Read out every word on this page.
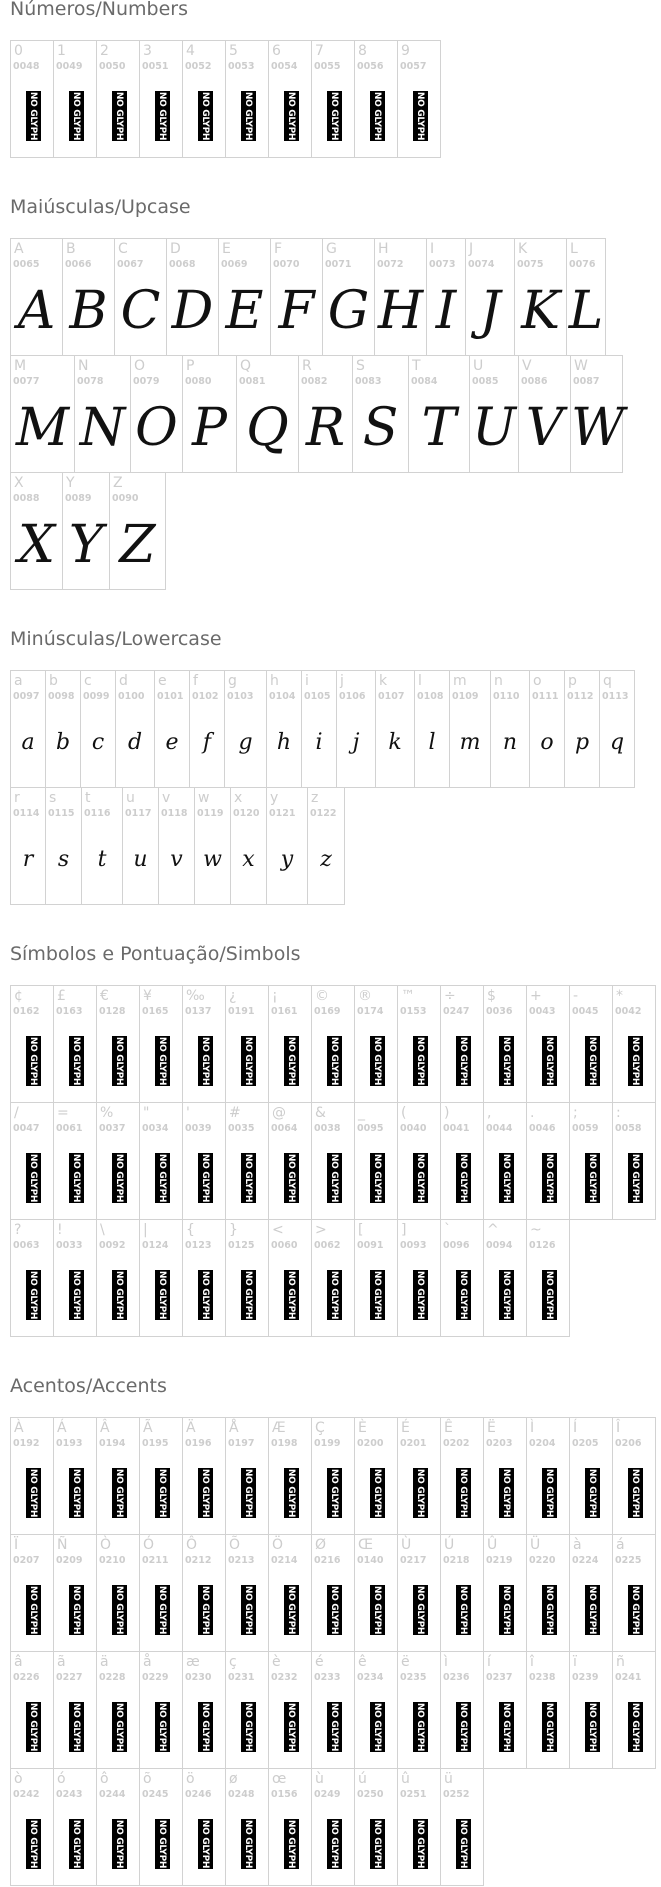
Números/Numbers
0
0048
NO GLYPH
1
0049
NO GLYPH
2
0050
NO GLYPH
3
0051
NO GLYPH
4
0052
NO GLYPH
5
0053
NO GLYPH
6
0054
NO GLYPH
7
0055
NO GLYPH
8
0056
NO GLYPH
9
0057
NO GLYPH
Maiúsculas/Upcase
A
0065
A
B
0066
B
C
0067
C
D
0068
D
E
0069
E
F
0070
F
G
0071
G
H
0072
H
I
0073
I
J
0074
J
K
0075
K
L
0076
L
M
0077
M
N
0078
N
O
0079
O
P
0080
P
Q
0081
Q
R
0082
R
S
0083
S
T
0084
T
U
0085
U
V
0086
V
W
0087
W
X
0088
X
Y
0089
Y
Z
0090
Z
Minúsculas/Lowercase
a
0097
a
b
0098
b
c
0099
c
d
0100
d
e
0101
e
f
0102
f
g
0103
g
h
0104
h
i
0105
i
j
0106
j
k
0107
k
l
0108
l
m
0109
m
n
0110
n
o
0111
o
p
0112
p
q
0113
q
r
0114
r
s
0115
s
t
0116
t
u
0117
u
v
0118
v
w
0119
w
x
0120
x
y
0121
y
z
0122
z
Símbolos e Pontuação/Simbols
¢
0162
NO GLYPH
£
0163
NO GLYPH
€
0128
NO GLYPH
¥
0165
NO GLYPH
‰
0137
NO GLYPH
¿
0191
NO GLYPH
¡
0161
NO GLYPH
©
0169
NO GLYPH
®
0174
NO GLYPH
™
0153
NO GLYPH
÷
0247
NO GLYPH
$
0036
NO GLYPH
+
0043
NO GLYPH
-
0045
NO GLYPH
*
0042
NO GLYPH
/
0047
NO GLYPH
=
0061
NO GLYPH
%
0037
NO GLYPH
"
0034
NO GLYPH
'
0039
NO GLYPH
#
0035
NO GLYPH
@
0064
NO GLYPH
&
0038
NO GLYPH
_
0095
NO GLYPH
(
0040
NO GLYPH
)
0041
NO GLYPH
,
0044
NO GLYPH
.
0046
NO GLYPH
;
0059
NO GLYPH
:
0058
NO GLYPH
?
0063
NO GLYPH
!
0033
NO GLYPH
\
0092
NO GLYPH
|
0124
NO GLYPH
{
0123
NO GLYPH
}
0125
NO GLYPH
<
0060
NO GLYPH
>
0062
NO GLYPH
[
0091
NO GLYPH
]
0093
NO GLYPH
`
0096
NO GLYPH
^
0094
NO GLYPH
~
0126
NO GLYPH
Acentos/Accents
À
0192
NO GLYPH
Á
0193
NO GLYPH
Â
0194
NO GLYPH
Ã
0195
NO GLYPH
Ä
0196
NO GLYPH
Å
0197
NO GLYPH
Æ
0198
NO GLYPH
Ç
0199
NO GLYPH
È
0200
NO GLYPH
É
0201
NO GLYPH
Ê
0202
NO GLYPH
Ë
0203
NO GLYPH
Ì
0204
NO GLYPH
Í
0205
NO GLYPH
Î
0206
NO GLYPH
Ï
0207
NO GLYPH
Ñ
0209
NO GLYPH
Ò
0210
NO GLYPH
Ó
0211
NO GLYPH
Ô
0212
NO GLYPH
Õ
0213
NO GLYPH
Ö
0214
NO GLYPH
Ø
0216
NO GLYPH
Œ
0140
NO GLYPH
Ù
0217
NO GLYPH
Ú
0218
NO GLYPH
Û
0219
NO GLYPH
Ü
0220
NO GLYPH
à
0224
NO GLYPH
á
0225
NO GLYPH
â
0226
NO GLYPH
ã
0227
NO GLYPH
ä
0228
NO GLYPH
å
0229
NO GLYPH
æ
0230
NO GLYPH
ç
0231
NO GLYPH
è
0232
NO GLYPH
é
0233
NO GLYPH
ê
0234
NO GLYPH
ë
0235
NO GLYPH
ì
0236
NO GLYPH
í
0237
NO GLYPH
î
0238
NO GLYPH
ï
0239
NO GLYPH
ñ
0241
NO GLYPH
ò
0242
NO GLYPH
ó
0243
NO GLYPH
ô
0244
NO GLYPH
õ
0245
NO GLYPH
ö
0246
NO GLYPH
ø
0248
NO GLYPH
œ
0156
NO GLYPH
ù
0249
NO GLYPH
ú
0250
NO GLYPH
û
0251
NO GLYPH
ü
0252
NO GLYPH
